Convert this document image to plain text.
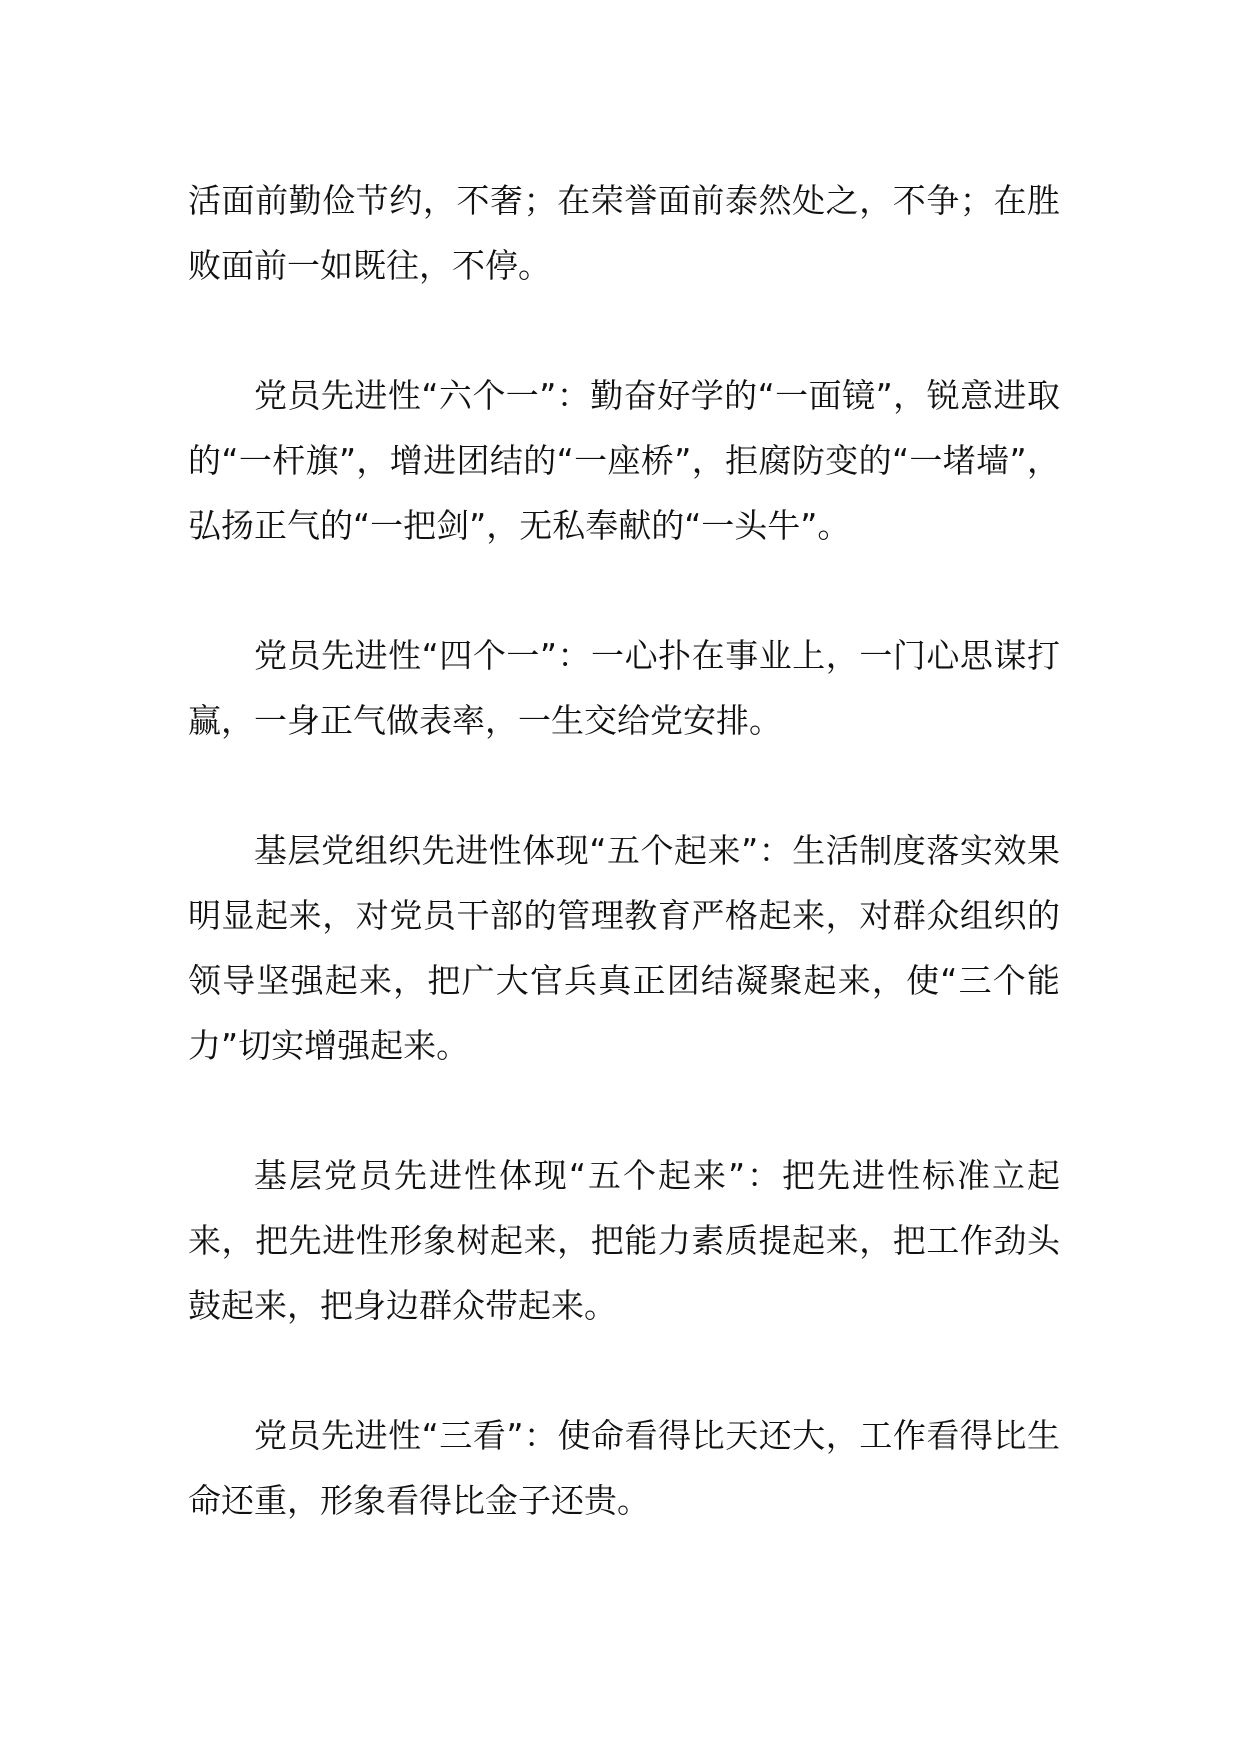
活面前勤俭节约，不奢；在荣誉面前泰然处之，不争；在胜败面前一如既往，不停。

党员先进性“六个一”：勤奋好学的“一面镜”，锐意进取的“一杆旗”，增进团结的“一座桥”，拒腐防变的“一堵墙”，弘扬正气的“一把剑”，无私奉献的“一头牛”。

党员先进性“四个一”：一心扑在事业上，一门心思谋打赢，一身正气做表率，一生交给党安排。

基层党组织先进性体现“五个起来”：生活制度落实效果明显起来，对党员干部的管理教育严格起来，对群众组织的领导坚强起来，把广大官兵真正团结凝聚起来，使“三个能力”切实增强起来。

基层党员先进性体现“五个起来”：把先进性标准立起来，把先进性形象树起来，把能力素质提起来，把工作劲头鼓起来，把身边群众带起来。

党员先进性“三看”：使命看得比天还大，工作看得比生命还重，形象看得比金子还贵。
